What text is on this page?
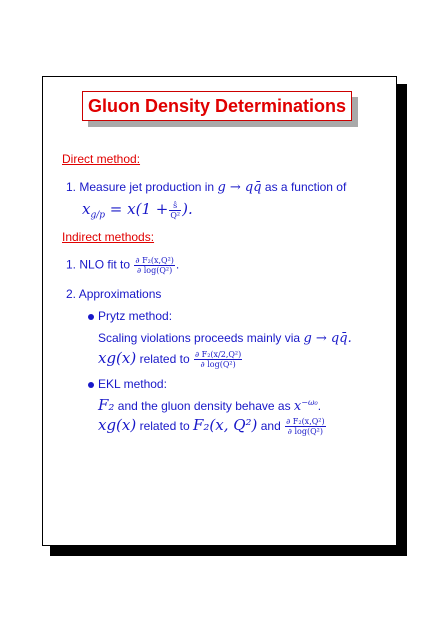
Gluon Density Determinations
Direct method:
1. Measure jet production in g → qq̄ as a function of
$x_{g/p} = x(1 + \frac{ŝ}{\text{Q²}}$ ).
Indirect methods:
1. NLO fit to $\frac{\text{∂ F₂(x,Q²)}}{\text{∂ log(Q²)}}$ .
2. Approximations
Prytz method:
Scaling violations proceeds mainly via g → qq̄.
xg(x) related to $\frac{\text{∂ F₂(x/2,Q²)}}{\text{∂ log(Q²)}}$
EKL method:
F₂ and the gluon density behave as $x^{-\omega_0}$.
xg(x) related to F₂(x, Q²) and $\frac{\text{∂ F₂(x,Q²)}}{\text{∂ log(Q²)}}$
